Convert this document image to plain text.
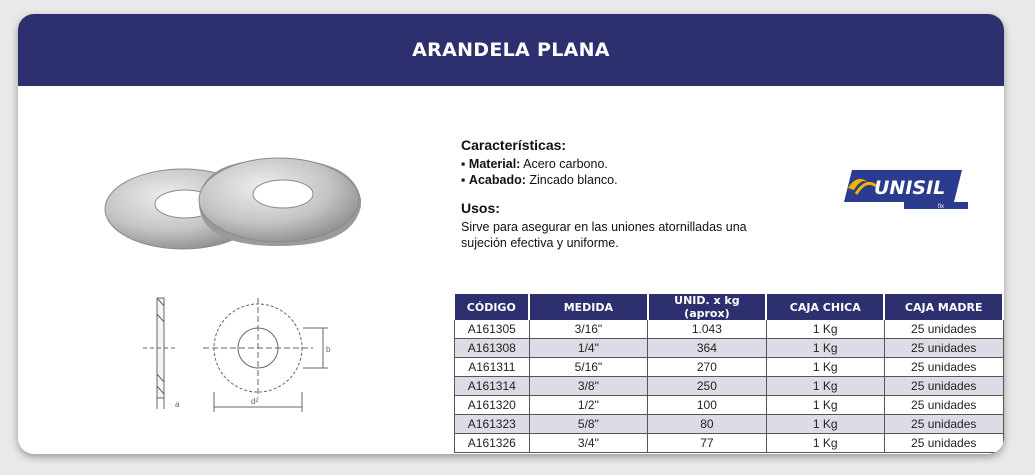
ARANDELA PLANA
a	d²
b
Características:
▪ Material: Acero carbono.
▪ Acabado: Zincado blanco.
Usos:
Sirve para asegurar en las uniones atornilladas una
sujeción efectiva y uniforme.
UNISIL
fix
CÓDIGO	MEDIDA	UNID. x kg (aprox)	CAJA CHICA	CAJA MADRE
A161305	3/16"	1.043	1 Kg	25 unidades
A161308	1/4"	364	1 Kg	25 unidades
A161311	5/16"	270	1 Kg	25 unidades
A161314	3/8"	250	1 Kg	25 unidades
A161320	1/2"	100	1 Kg	25 unidades
A161323	5/8"	80	1 Kg	25 unidades
A161326	3/4"	77	1 Kg	25 unidades
